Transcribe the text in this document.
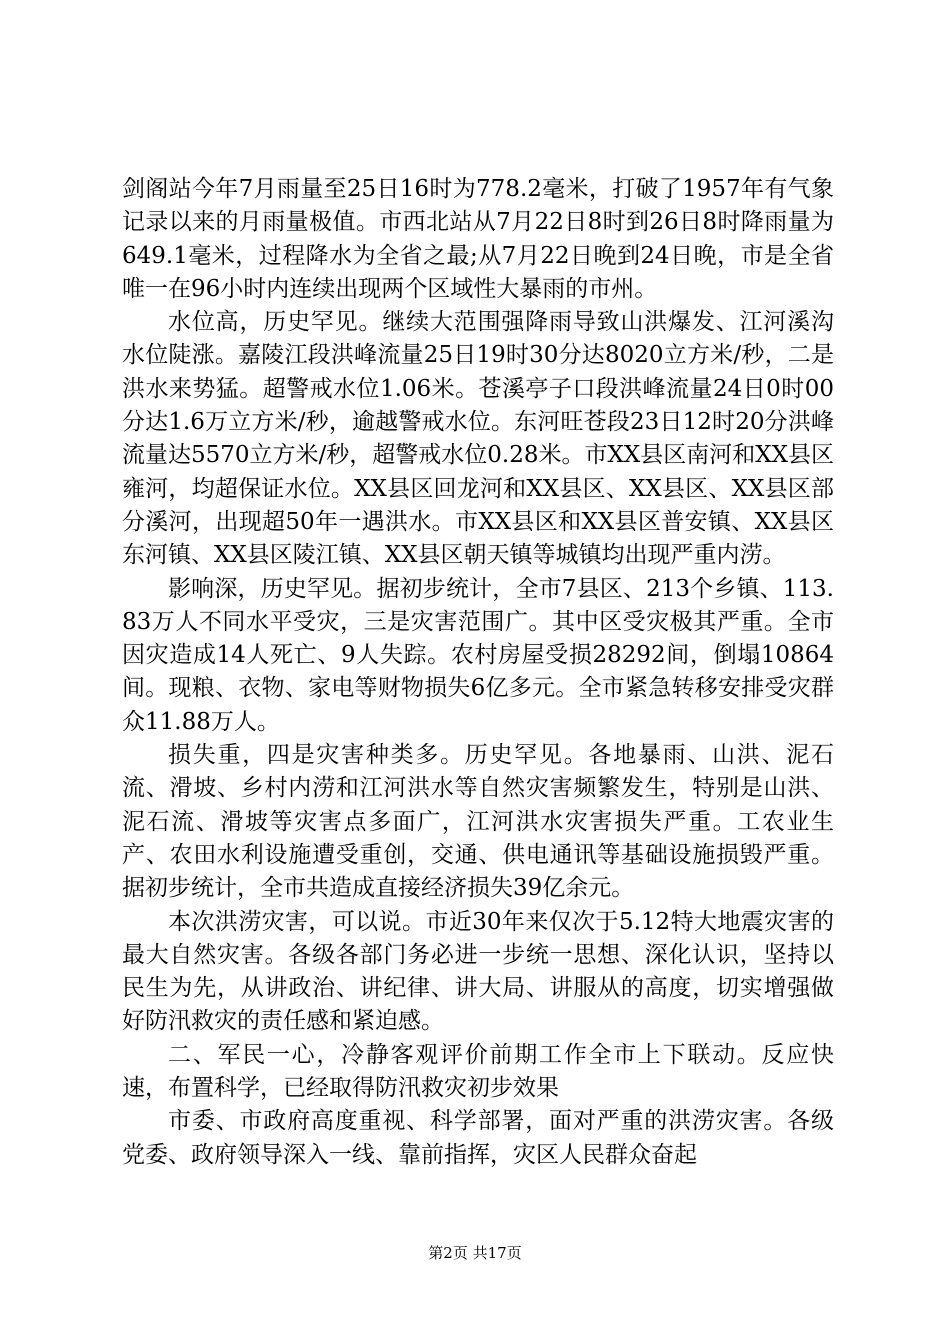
剑阁站今年7月雨量至25日16时为778.2毫米，打破了1957年有气象记录以来的月雨量极值。市西北站从7月22日8时到26日8时降雨量为649.1毫米，过程降水为全省之最;从7月22日晚到24日晚，市是全省唯一在96小时内连续出现两个区域性大暴雨的市州。

水位高，历史罕见。继续大范围强降雨导致山洪爆发、江河溪沟水位陡涨。嘉陵江段洪峰流量25日19时30分达8020立方米/秒，二是洪水来势猛。超警戒水位1.06米。苍溪亭子口段洪峰流量24日0时00分达1.6万立方米/秒，逾越警戒水位。东河旺苍段23日12时20分洪峰流量达5570立方米/秒，超警戒水位0.28米。市XX县区南河和XX县区雍河，均超保证水位。XX县区回龙河和XX县区、XX县区、XX县区部分溪河，出现超50年一遇洪水。市XX县区和XX县区普安镇、XX县区东河镇、XX县区陵江镇、XX县区朝天镇等城镇均出现严重内涝。

影响深，历史罕见。据初步统计，全市7县区、213个乡镇、113.83万人不同水平受灾，三是灾害范围广。其中区受灾极其严重。全市因灾造成14人死亡、9人失踪。农村房屋受损28292间，倒塌10864间。现粮、衣物、家电等财物损失6亿多元。全市紧急转移安排受灾群众11.88万人。

损失重，四是灾害种类多。历史罕见。各地暴雨、山洪、泥石流、滑坡、乡村内涝和江河洪水等自然灾害频繁发生，特别是山洪、泥石流、滑坡等灾害点多面广，江河洪水灾害损失严重。工农业生产、农田水利设施遭受重创，交通、供电通讯等基础设施损毁严重。据初步统计，全市共造成直接经济损失39亿余元。

本次洪涝灾害，可以说。市近30年来仅次于5.12特大地震灾害的最大自然灾害。各级各部门务必进一步统一思想、深化认识，坚持以民生为先，从讲政治、讲纪律、讲大局、讲服从的高度，切实增强做好防汛救灾的责任感和紧迫感。

二、军民一心，冷静客观评价前期工作全市上下联动。反应快速，布置科学，已经取得防汛救灾初步效果

市委、市政府高度重视、科学部署，面对严重的洪涝灾害。各级党委、政府领导深入一线、靠前指挥，灾区人民群众奋起

第2页 共17页
